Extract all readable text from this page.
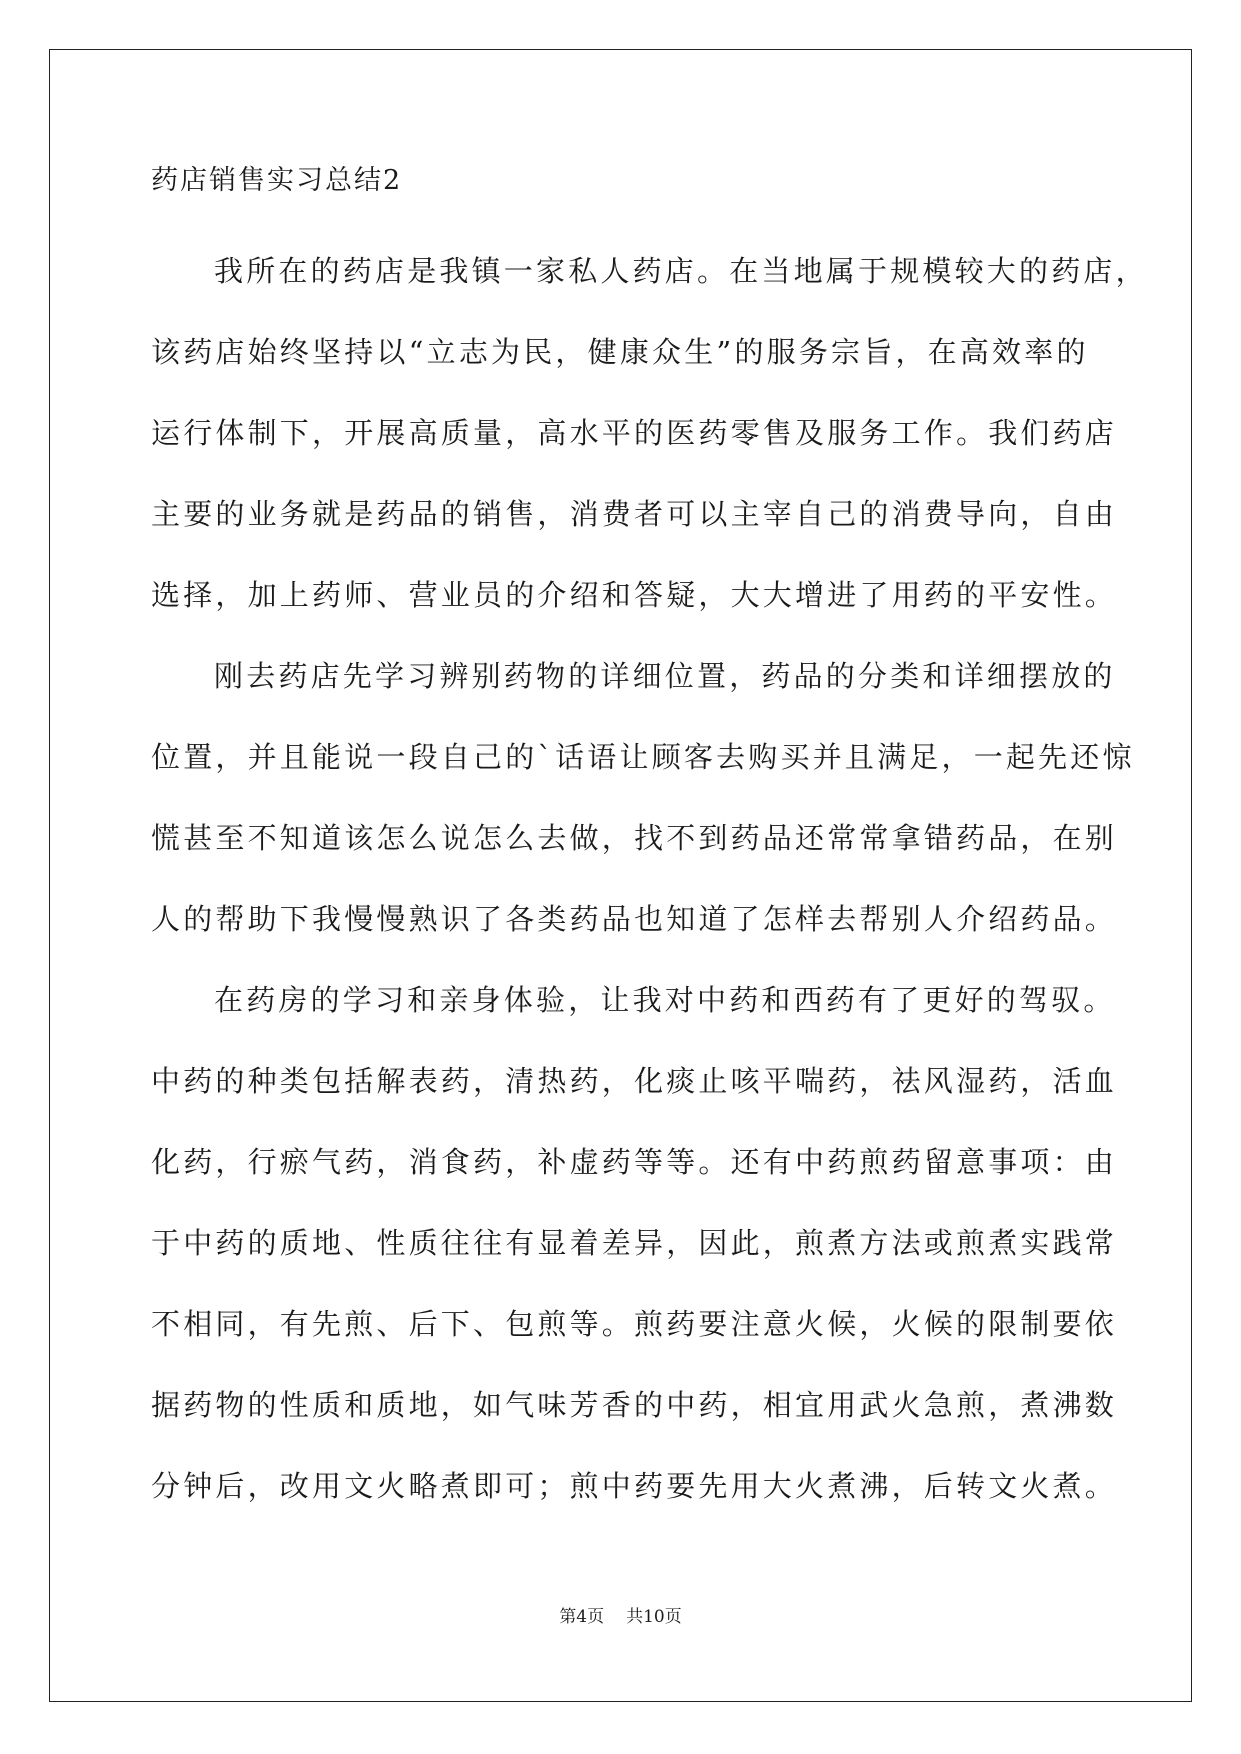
药店销售实习总结2
我所在的药店是我镇一家私人药店。在当地属于规模较大的药店，
该药店始终坚持以“立志为民，健康众生”的服务宗旨，在高效率的
运行体制下，开展高质量，高水平的医药零售及服务工作。我们药店
主要的业务就是药品的销售，消费者可以主宰自己的消费导向，自由
选择，加上药师、营业员的介绍和答疑，大大增进了用药的平安性。
刚去药店先学习辨别药物的详细位置，药品的分类和详细摆放的
位置，并且能说一段自己的`话语让顾客去购买并且满足，一起先还惊
慌甚至不知道该怎么说怎么去做，找不到药品还常常拿错药品，在别
人的帮助下我慢慢熟识了各类药品也知道了怎样去帮别人介绍药品。
在药房的学习和亲身体验，让我对中药和西药有了更好的驾驭。
中药的种类包括解表药，清热药，化痰止咳平喘药，祛风湿药，活血
化药，行瘀气药，消食药，补虚药等等。还有中药煎药留意事项：由
于中药的质地、性质往往有显着差异，因此，煎煮方法或煎煮实践常
不相同，有先煎、后下、包煎等。煎药要注意火候，火候的限制要依
据药物的性质和质地，如气味芳香的中药，相宜用武火急煎，煮沸数
分钟后，改用文火略煮即可；煎中药要先用大火煮沸，后转文火煮。
第4页 共10页
